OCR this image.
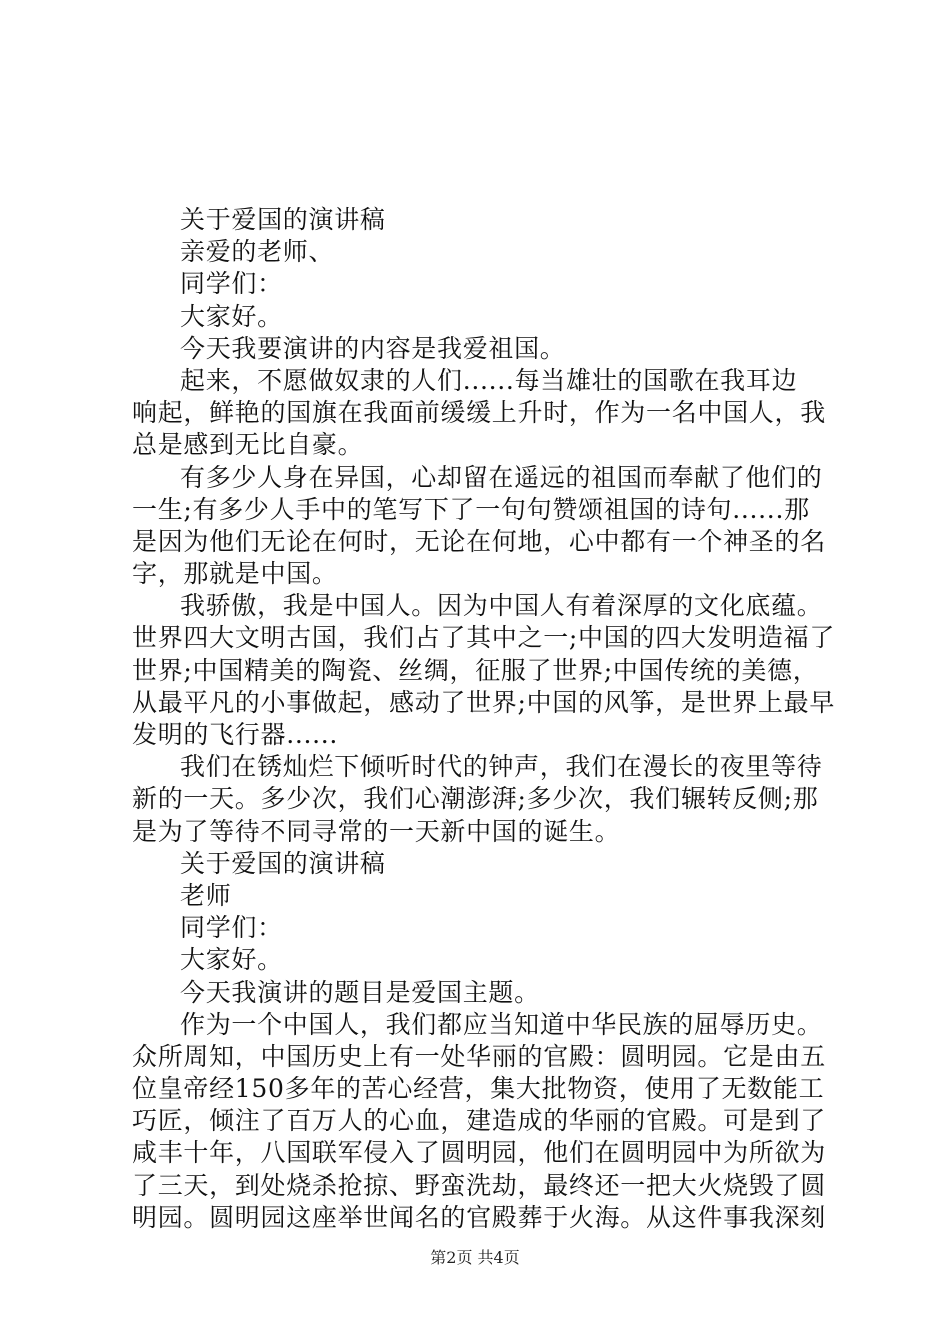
关于爱国的演讲稿
亲爱的老师、
同学们：
大家好。
今天我要演讲的内容是我爱祖国。
起来，不愿做奴隶的人们......每当雄壮的国歌在我耳边
响起，鲜艳的国旗在我面前缓缓上升时，作为一名中国人，我
总是感到无比自豪。
有多少人身在异国，心却留在遥远的祖国而奉献了他们的
一生;有多少人手中的笔写下了一句句赞颂祖国的诗句......那
是因为他们无论在何时，无论在何地，心中都有一个神圣的名
字，那就是中国。
我骄傲，我是中国人。因为中国人有着深厚的文化底蕴。
世界四大文明古国，我们占了其中之一;中国的四大发明造福了
世界;中国精美的陶瓷、丝绸，征服了世界;中国传统的美德，
从最平凡的小事做起，感动了世界;中国的风筝，是世界上最早
发明的飞行器......
我们在锈灿烂下倾听时代的钟声，我们在漫长的夜里等待
新的一天。多少次，我们心潮澎湃;多少次，我们辗转反侧;那
是为了等待不同寻常的一天新中国的诞生。
关于爱国的演讲稿
老师
同学们：
大家好。
今天我演讲的题目是爱国主题。
作为一个中国人，我们都应当知道中华民族的屈辱历史。
众所周知，中国历史上有一处华丽的官殿：圆明园。它是由五
位皇帝经150多年的苦心经营，集大批物资，使用了无数能工
巧匠，倾注了百万人的心血，建造成的华丽的官殿。可是到了
咸丰十年，八国联军侵入了圆明园，他们在圆明园中为所欲为
了三天，到处烧杀抢掠、野蛮洗劫，最终还一把大火烧毁了圆
明园。圆明园这座举世闻名的官殿葬于火海。从这件事我深刻
第2页 共4页
